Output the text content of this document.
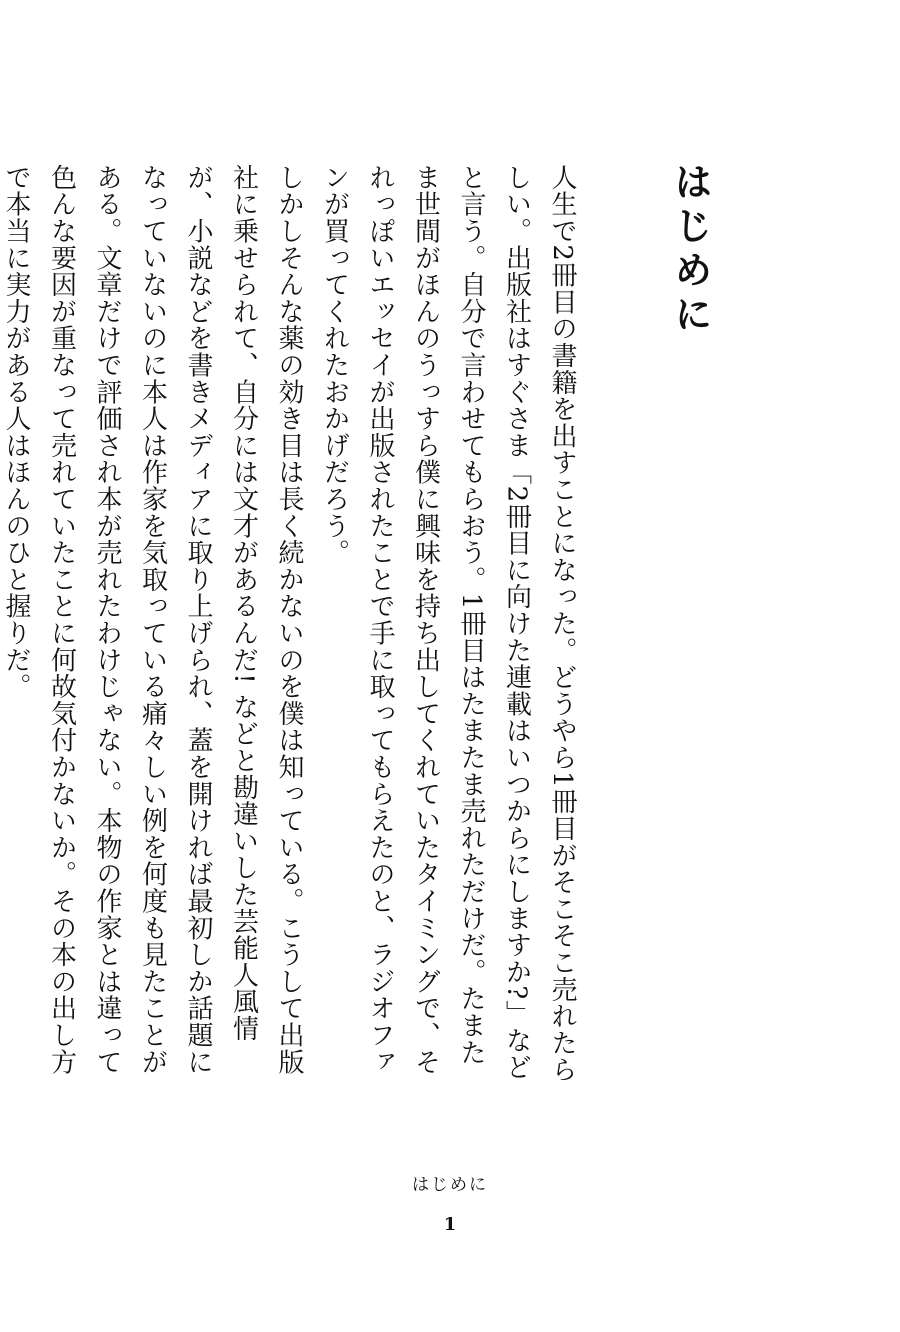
はじめに

人生で2冊目の書籍を出すことになった。どうやら1冊目がそこそこ売れたらしい。出版社はすぐさま「2冊目に向けた連載はいつからにしますか?」などと言う。自分で言わせてもらおう。1冊目はたまたま売れただけだ。たまたま世間がほんのうっすら僕に興味を持ち出してくれていたタイミングで、それっぽいエッセイが出版されたことで手に取ってもらえたのと、ラジオファンが買ってくれたおかげだろう。

しかしそんな薬の効き目は長く続かないのを僕は知っている。こうして出版社に乗せられて、自分には文才があるんだ! などと勘違いした芸能人風情が、小説などを書きメディアに取り上げられ、蓋を開ければ最初しか話題になっていないのに本人は作家を気取っている痛々しい例を何度も見たことがある。文章だけで評価され本が売れたわけじゃない。本物の作家とは違って色んな要因が重なって売れていたことに何故気付かないか。その本の出し方で本当に実力がある人はほんのひと握りだ。

はじめに
1
